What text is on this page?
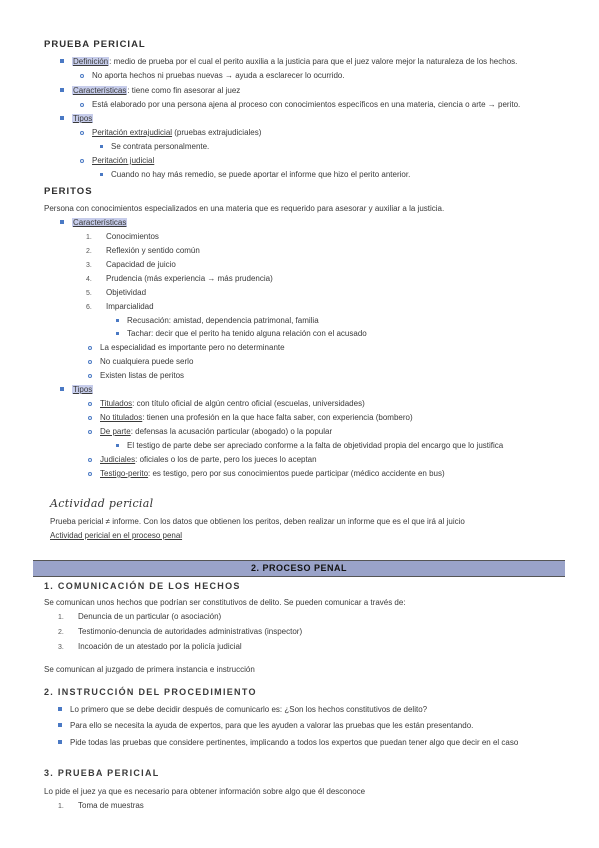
PRUEBA PERICIAL
Definición: medio de prueba por el cual el perito auxilia a la justicia para que el juez valore mejor la naturaleza de los hechos.
No aporta hechos ni pruebas nuevas → ayuda a esclarecer lo ocurrido.
Características: tiene como fin asesorar al juez
Está elaborado por una persona ajena al proceso con conocimientos específicos en una materia, ciencia o arte → perito.
Tipos
Peritación extrajudicial (pruebas extrajudiciales)
Se contrata personalmente.
Peritación judicial
Cuando no hay más remedio, se puede aportar el informe que hizo el perito anterior.
PERITOS
Persona con conocimientos especializados en una materia que es requerido para asesorar y auxiliar a la justicia.
Características
1. Conocimientos
2. Reflexión y sentido común
3. Capacidad de juicio
4. Prudencia (más experiencia → más prudencia)
5. Objetividad
6. Imparcialidad
Recusación: amistad, dependencia patrimonal, familia
Tachar: decir que el perito ha tenido alguna relación con el acusado
La especialidad es importante pero no determinante
No cualquiera puede serlo
Existen listas de peritos
Tipos
Titulados: con título oficial de algún centro oficial (escuelas, universidades)
No titulados: tienen una profesión en la que hace falta saber, con experiencia (bombero)
De parte: defensas la acusación particular (abogado) o la popular
El testigo de parte debe ser apreciado conforme a la falta de objetividad propia del encargo que lo justifica
Judiciales: oficiales o los de parte, pero los jueces lo aceptan
Testigo-perito: es testigo, pero por sus conocimientos puede participar (médico accidente en bus)
Actividad pericial
Prueba pericial ≠ informe. Con los datos que obtienen los peritos, deben realizar un informe que es el que irá al juicio
Actividad pericial en el proceso penal
2. PROCESO PENAL
1. COMUNICACIÓN DE LOS HECHOS
Se comunican unos hechos que podrían ser constitutivos de delito. Se pueden comunicar a través de:
1. Denuncia de un particular (o asociación)
2. Testimonio-denuncia de autoridades administrativas (inspector)
3. Incoación de un atestado por la policía judicial
Se comunican al juzgado de primera instancia e instrucción
2. INSTRUCCIÓN DEL PROCEDIMIENTO
Lo primero que se debe decidir después de comunicarlo es: ¿Son los hechos constitutivos de delito?
Para ello se necesita la ayuda de expertos, para que les ayuden a valorar las pruebas que les están presentando.
Pide todas las pruebas que considere pertinentes, implicando a todos los expertos que puedan tener algo que decir en el caso
3. PRUEBA PERICIAL
Lo pide el juez ya que es necesario para obtener información sobre algo que él desconoce
1. Toma de muestras
